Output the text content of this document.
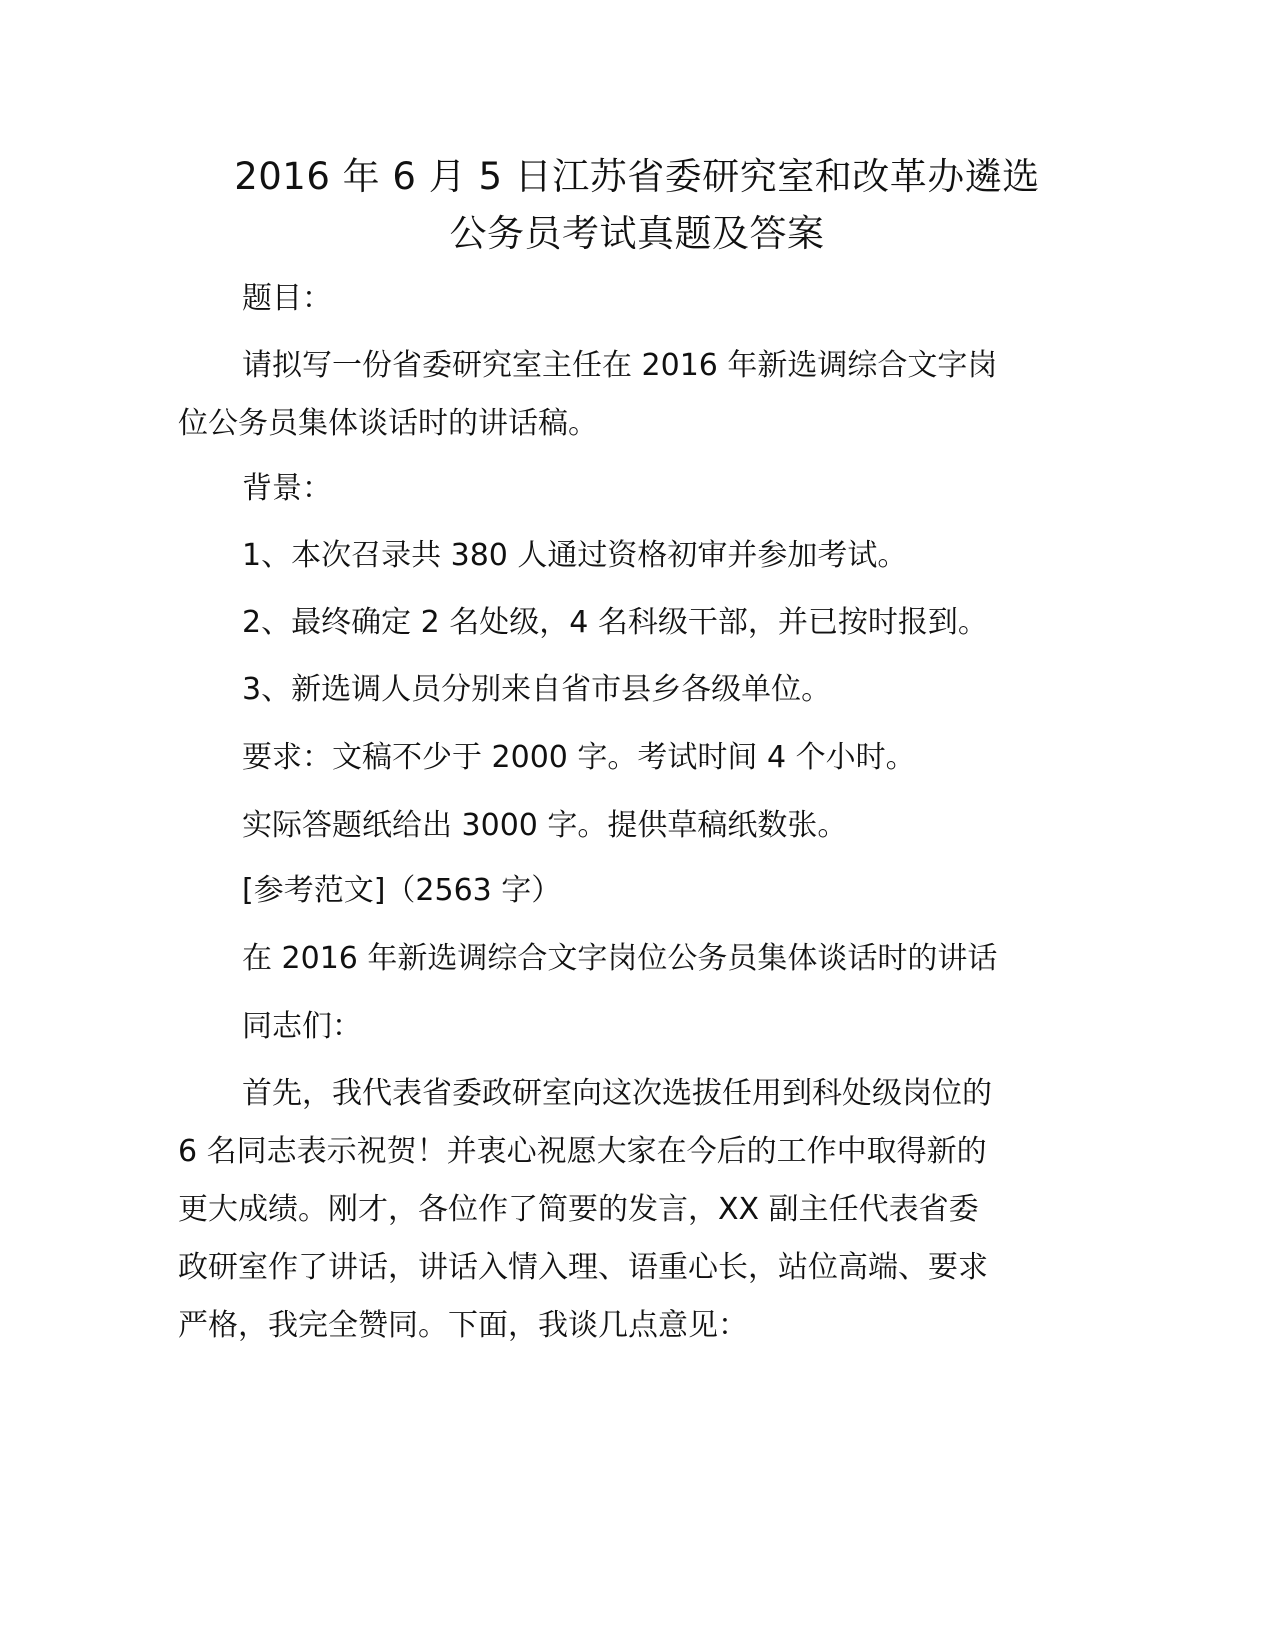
2016 年 6 月 5 日江苏省委研究室和改革办遴选
公务员考试真题及答案

题目：

请拟写一份省委研究室主任在 2016 年新选调综合文字岗
位公务员集体谈话时的讲话稿。

背景：

1、本次召录共 380 人通过资格初审并参加考试。

2、最终确定 2 名处级，4 名科级干部，并已按时报到。

3、新选调人员分别来自省市县乡各级单位。

要求：文稿不少于 2000 字。考试时间 4 个小时。

实际答题纸给出 3000 字。提供草稿纸数张。

[参考范文]（2563 字）

在 2016 年新选调综合文字岗位公务员集体谈话时的讲话

同志们：

首先，我代表省委政研室向这次选拔任用到科处级岗位的
6 名同志表示祝贺！并衷心祝愿大家在今后的工作中取得新的
更大成绩。刚才，各位作了简要的发言，XX 副主任代表省委
政研室作了讲话，讲话入情入理、语重心长，站位高端、要求
严格，我完全赞同。下面，我谈几点意见：
